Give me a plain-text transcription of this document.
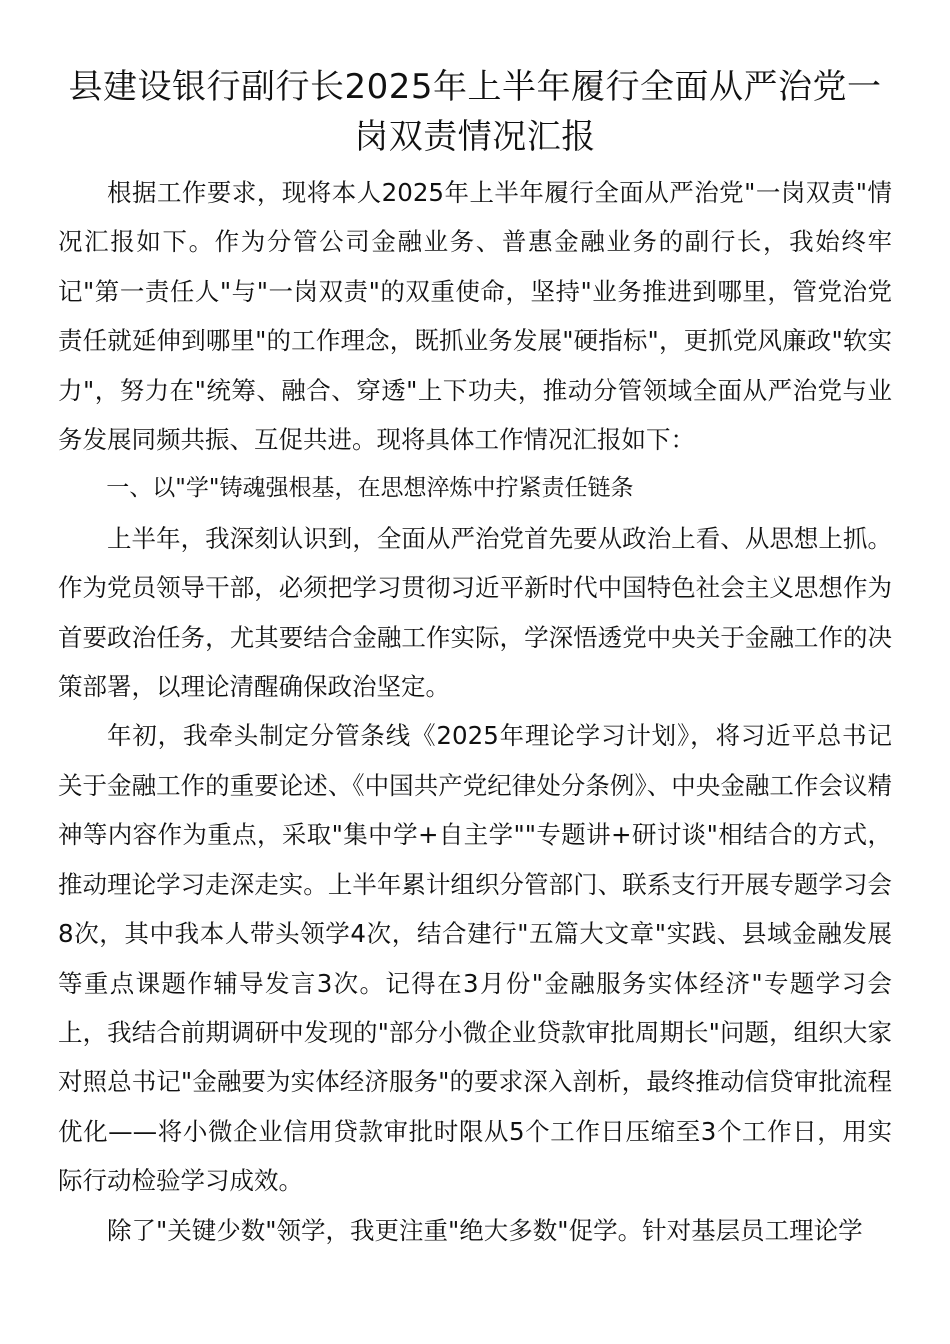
县建设银行副行长2025年上半年履行全面从严治党一岗双责情况汇报

根据工作要求，现将本人2025年上半年履行全面从严治党"一岗双责"情况汇报如下。作为分管公司金融业务、普惠金融业务的副行长，我始终牢记"第一责任人"与"一岗双责"的双重使命，坚持"业务推进到哪里，管党治党责任就延伸到哪里"的工作理念，既抓业务发展"硬指标"，更抓党风廉政"软实力"，努力在"统筹、融合、穿透"上下功夫，推动分管领域全面从严治党与业务发展同频共振、互促共进。现将具体工作情况汇报如下：

一、以"学"铸魂强根基，在思想淬炼中拧紧责任链条

上半年，我深刻认识到，全面从严治党首先要从政治上看、从思想上抓。作为党员领导干部，必须把学习贯彻习近平新时代中国特色社会主义思想作为首要政治任务，尤其要结合金融工作实际，学深悟透党中央关于金融工作的决策部署，以理论清醒确保政治坚定。

年初，我牵头制定分管条线《2025年理论学习计划》，将习近平总书记关于金融工作的重要论述、《中国共产党纪律处分条例》、中央金融工作会议精神等内容作为重点，采取"集中学+自主学""专题讲+研讨谈"相结合的方式，推动理论学习走深走实。上半年累计组织分管部门、联系支行开展专题学习会8次，其中我本人带头领学4次，结合建行"五篇大文章"实践、县域金融发展等重点课题作辅导发言3次。记得在3月份"金融服务实体经济"专题学习会上，我结合前期调研中发现的"部分小微企业贷款审批周期长"问题，组织大家对照总书记"金融要为实体经济服务"的要求深入剖析，最终推动信贷审批流程优化——将小微企业信用贷款审批时限从5个工作日压缩至3个工作日，用实际行动检验学习成效。

除了"关键少数"领学，我更注重"绝大多数"促学。针对基层员工理论学
